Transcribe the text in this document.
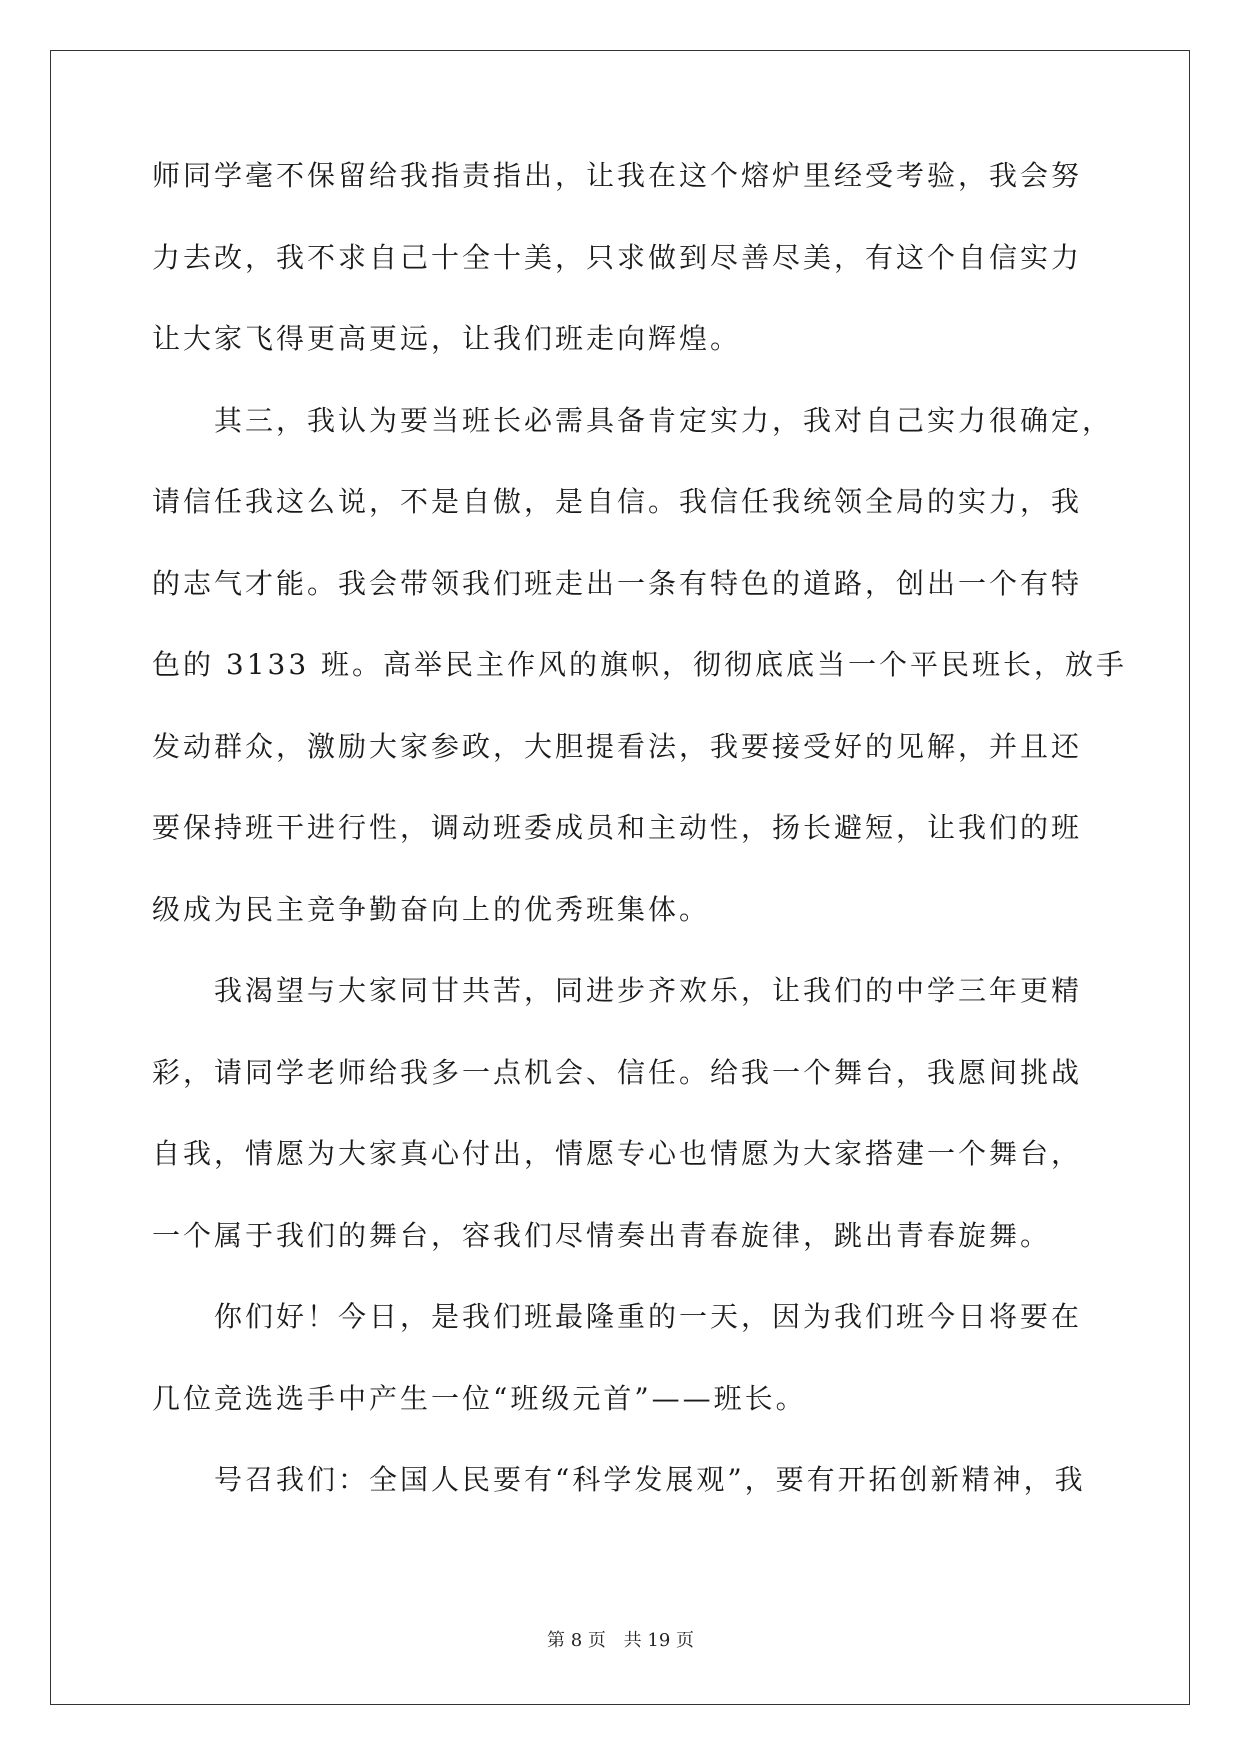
师同学毫不保留给我指责指出，让我在这个熔炉里经受考验，我会努
力去改，我不求自己十全十美，只求做到尽善尽美，有这个自信实力
让大家飞得更高更远，让我们班走向辉煌。
其三，我认为要当班长必需具备肯定实力，我对自己实力很确定，
请信任我这么说，不是自傲，是自信。我信任我统领全局的实力，我
的志气才能。我会带领我们班走出一条有特色的道路，创出一个有特
色的 3133 班。高举民主作风的旗帜，彻彻底底当一个平民班长，放手
发动群众，激励大家参政，大胆提看法，我要接受好的见解，并且还
要保持班干进行性，调动班委成员和主动性，扬长避短，让我们的班
级成为民主竞争勤奋向上的优秀班集体。
我渴望与大家同甘共苦，同进步齐欢乐，让我们的中学三年更精
彩，请同学老师给我多一点机会、信任。给我一个舞台，我愿间挑战
自我，情愿为大家真心付出，情愿专心也情愿为大家搭建一个舞台，
一个属于我们的舞台，容我们尽情奏出青春旋律，跳出青春旋舞。
你们好！今日，是我们班最隆重的一天，因为我们班今日将要在
几位竞选选手中产生一位“班级元首”——班长。
号召我们：全国人民要有“科学发展观”，要有开拓创新精神，我
第 8 页 共 19 页
